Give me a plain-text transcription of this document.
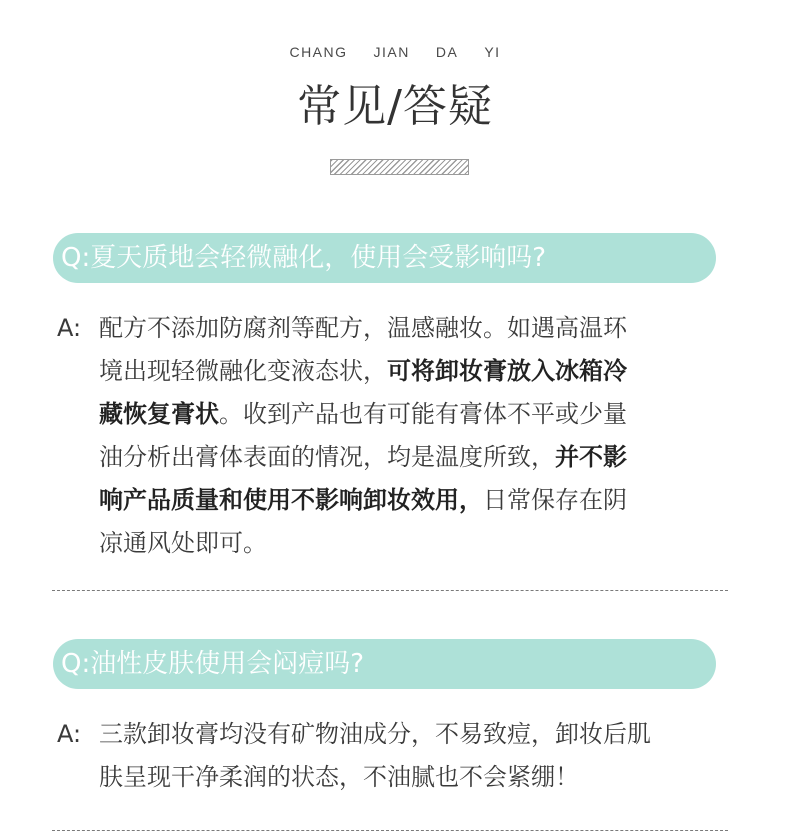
CHANG JIAN DA YI
常见/答疑
Q:夏天质地会轻微融化，使用会受影响吗?
A: 配方不添加防腐剂等配方，温感融妆。如遇高温环
境出现轻微融化变液态状，可将卸妆膏放入冰箱冷
藏恢复膏状。收到产品也有可能有膏体不平或少量
油分析出膏体表面的情况，均是温度所致，并不影
响产品质量和使用不影响卸妆效用，日常保存在阴
凉通风处即可。
Q:油性皮肤使用会闷痘吗?
A: 三款卸妆膏均没有矿物油成分，不易致痘，卸妆后肌
肤呈现干净柔润的状态，不油腻也不会紧绷！
